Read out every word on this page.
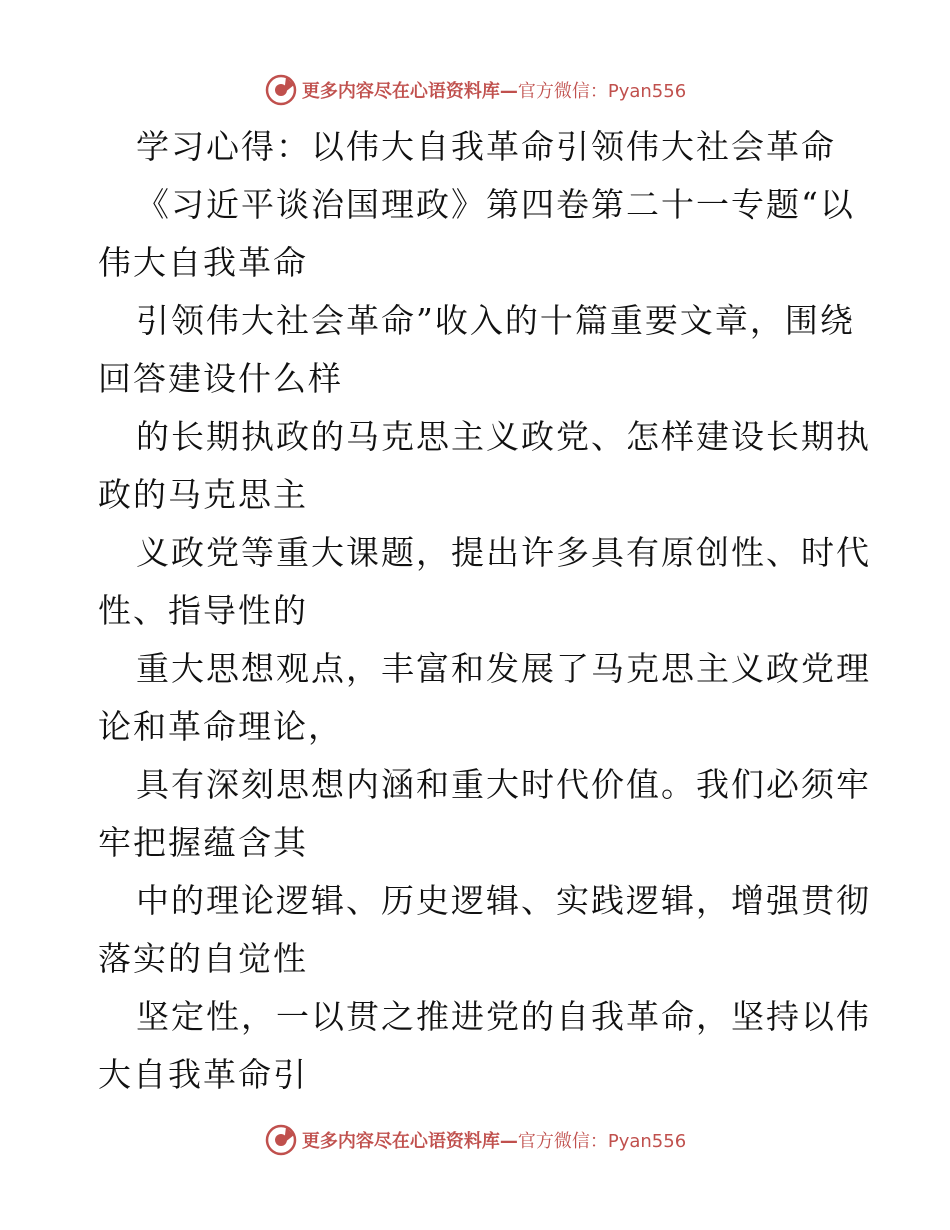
更多内容尽在心语资料库— 官方微信：Pyan556
学习心得：以伟大自我革命引领伟大社会革命
《习近平谈治国理政》第四卷第二十一专题“以
伟大自我革命
引领伟大社会革命”收入的十篇重要文章，围绕
回答建设什么样
的长期执政的马克思主义政党、怎样建设长期执
政的马克思主
义政党等重大课题，提出许多具有原创性、时代
性、指导性的
重大思想观点，丰富和发展了马克思主义政党理
论和革命理论，
具有深刻思想内涵和重大时代价值。我们必须牢
牢把握蕴含其
中的理论逻辑、历史逻辑、实践逻辑，增强贯彻
落实的自觉性
坚定性，一以贯之推进党的自我革命，坚持以伟
大自我革命引
更多内容尽在心语资料库— 官方微信：Pyan556
